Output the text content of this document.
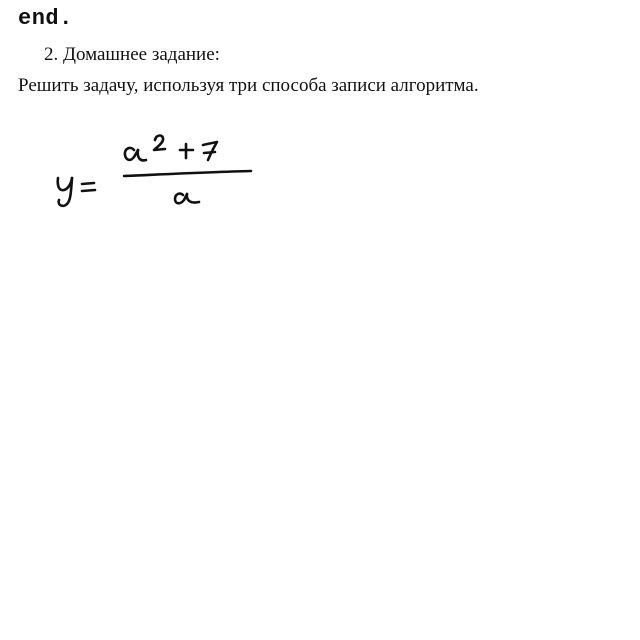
end.
2. Домашнее задание:
Решить задачу, используя три способа записи алгоритма.
